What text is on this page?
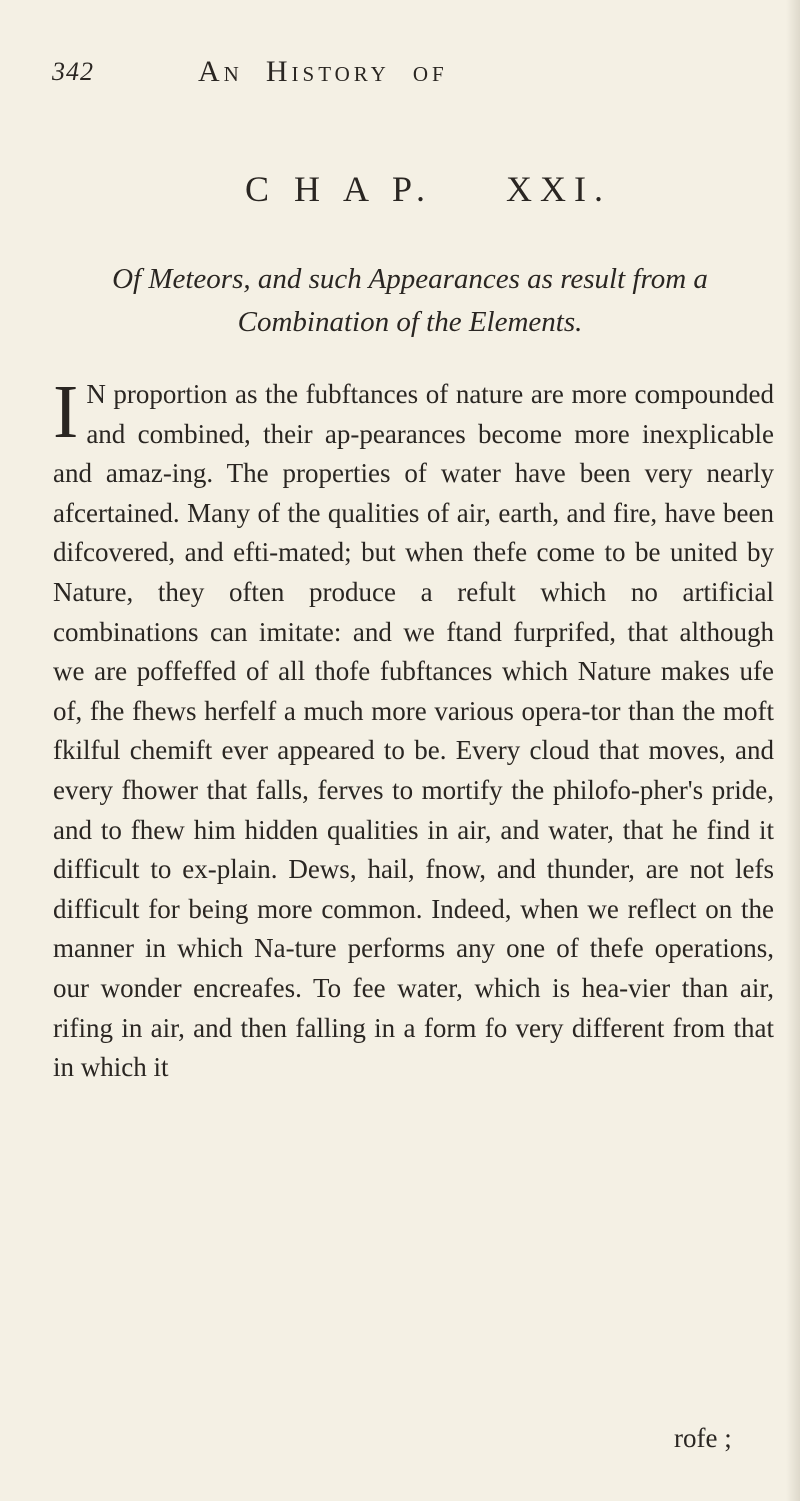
342	AN HISTORY OF
C H A P. XXI.
Of Meteors, and such Appearances as result from a Combination of the Elements.
I N proportion as the fubftances of nature are more compounded and combined, their ap-pearances become more inexplicable and amaz-ing. The properties of water have been very nearly afcertained. Many of the qualities of air, earth, and fire, have been difcovered, and efti-mated; but when thefe come to be united by Nature, they often produce a refult which no artificial combinations can imitate: and we ftand furprifed, that although we are poffeffed of all thofe fubftances which Nature makes ufe of, fhe fhews herfelf a much more various opera-tor than the moft fkilful chemift ever appeared to be. Every cloud that moves, and every fhower that falls, ferves to mortify the philofo-pher's pride, and to fhew him hidden qualities in air, and water, that he find it difficult to ex-plain. Dews, hail, fnow, and thunder, are not lefs difficult for being more common. Indeed, when we reflect on the manner in which Na-ture performs any one of thefe operations, our wonder encreafes. To fee water, which is hea-vier than air, rifing in air, and then falling in a form fo very different from that in which it
rofe ;
